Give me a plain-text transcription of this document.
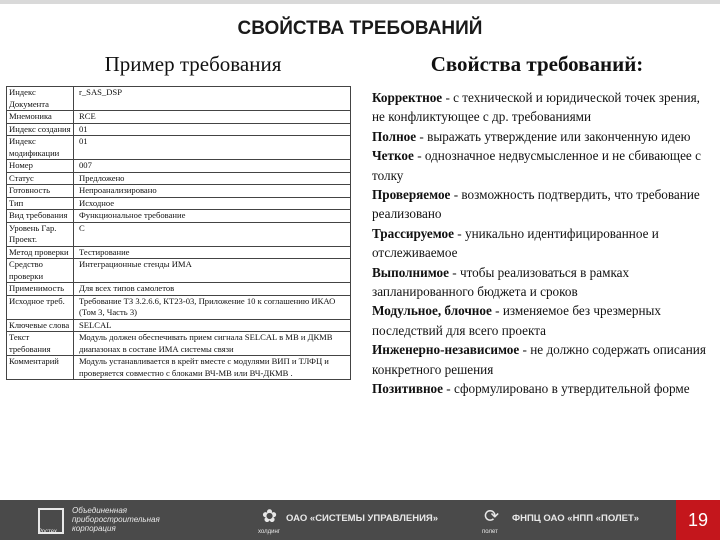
СВОЙСТВА ТРЕБОВАНИЙ
Пример требования	Свойства требований:
Индекс Документа	r_SAS_DSP
Мнемоника	RCE
Индекс создания	01
Индекс модификации	01
Номер	007
Статус	Предложено
Готовность	Непроанализировано
Тип	Исходное
Вид требования	Функциональное требование
Уровень Гар. Проект.	C
Метод проверки	Тестирование
Средство проверки	Интеграционные стенды ИМА
Применимость	Для всех типов самолетов
Исходное треб.	Требование ТЗ 3.2.6.6, КТ23-03, Приложение 10 к соглашению ИКАО (Том 3, Часть 3)
Ключевые слова	SELCAL
Текст требования	Модуль должен обеспечивать прием сигнала SELCAL в MB и ДКМВ диапазонах в составе ИМА системы связи
Комментарий	Модуль устанавливается в крейт вместе с модулями ВИП и ТЛФЦ и проверяется совместно с блоками ВЧ-МВ или ВЧ-ДКМВ .

Корректное - с технической и юридической точек зрения, не конфликтующее с др. требованиями

Полное - выражать утверждение или законченную идею

Четкое - однозначное недвусмысленное и не сбивающее с толку

Проверяемое - возможность подтвердить, что требование реализовано

Трассируемое - уникально идентифицированное и отслеживаемое

Выполнимое - чтобы реализоваться в рамках запланированного бюджета и сроков

Модульное, блочное - изменяемое без чрезмерных последствий для всего проекта

Инженерно-независимое - не должно содержать описания конкретного решения

Позитивное - сформулировано в утвердительной форме

Ростех
Объединенная приборостроительная корпорация
✿
холдинг
ОАО «СИСТЕМЫ УПРАВЛЕНИЯ»	⟳
полет
ФНПЦ ОАО «НПП «ПОЛЕТ»	19
